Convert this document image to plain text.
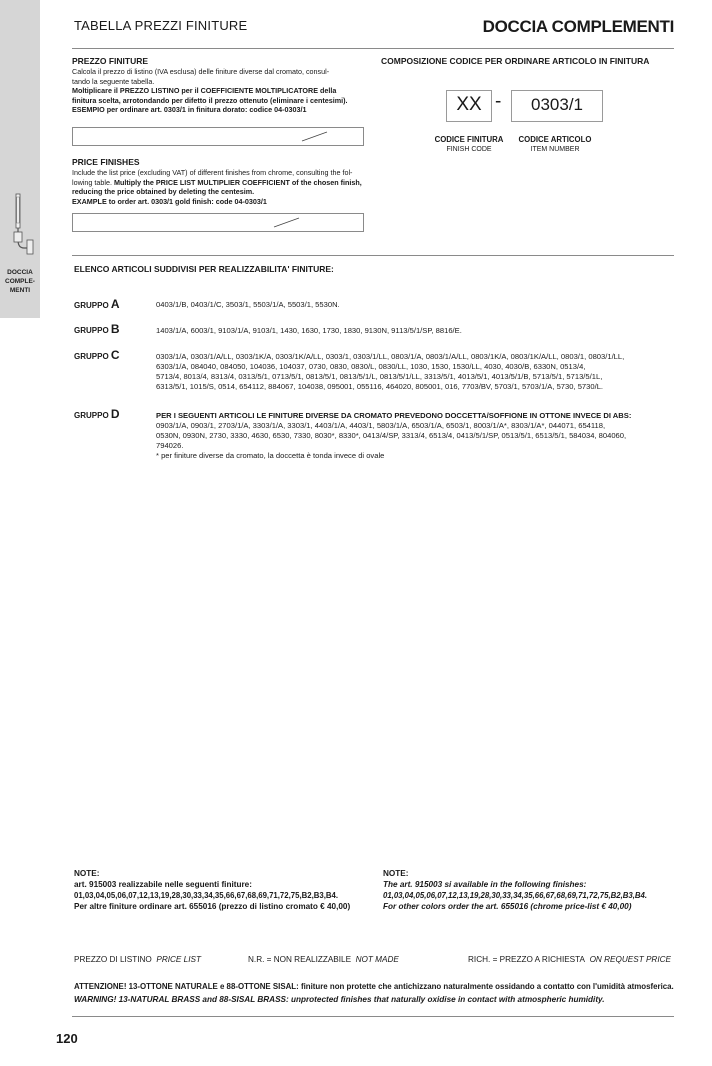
DOCCIA
COMPLE-
MENTI
TABELLA PREZZI FINITURE	DOCCIA COMPLEMENTI
PREZZO FINITURE
Calcola il prezzo di listino (IVA esclusa) delle finiture diverse dal cromato, consul-
tando la seguente tabella.
Moltiplicare il PREZZO LISTINO per il COEFFICIENTE MOLTIPLICATORE della
finitura scelta, arrotondando per difetto il prezzo ottenuto (eliminare i centesimi).
ESEMPIO per ordinare art. 0303/1 in finitura dorato: codice 04-0303/1
PRICE FINISHES
Include the list price (excluding VAT) of different finishes from chrome, consulting the fol-
lowing table. Multiply the PRICE LIST MULTIPLIER COEFFICIENT of the chosen finish,
reducing the price obtained by deleting the centesim.
EXAMPLE to order art. 0303/1 gold finish: code 04-0303/1
COMPOSIZIONE CODICE PER ORDINARE ARTICOLO IN FINITURA
XX -	0303/1
CODICE FINITURA
FINISH CODE
CODICE ARTICOLO
ITEM NUMBER
ELENCO ARTICOLI SUDDIVISI PER REALIZZABILITA' FINITURE:
GRUPPO A	0403/1/B, 0403/1/C, 3503/1, 5503/1/A, 5503/1, 5530N.
GRUPPO B	1403/1/A, 6003/1, 9103/1/A, 9103/1, 1430, 1630, 1730, 1830, 9130N, 9113/5/1/SP, 8816/E.
GRUPPO C	0303/1/A, 0303/1/A/LL, 0303/1K/A, 0303/1K/A/LL, 0303/1, 0303/1/LL, 0803/1/A, 0803/1/A/LL, 0803/1K/A, 0803/1K/A/LL, 0803/1, 0803/1/LL,
6303/1/A, 084040, 084050, 104036, 104037, 0730, 0830, 0830/L, 0830/LL, 1030, 1530, 1530/LL, 4030, 4030/B, 6330N, 0513/4,
5713/4, 8013/4, 8313/4, 0313/5/1, 0713/5/1, 0813/5/1, 0813/5/1/L, 0813/5/1/LL, 3313/5/1, 4013/5/1, 4013/5/1/B, 5713/5/1, 5713/5/1L,
6313/5/1, 1015/S, 0514, 654112, 884067, 104038, 095001, 055116, 464020, 805001, 016, 7703/BV, 5703/1, 5703/1/A, 5730, 5730/L.
GRUPPO D	PER I SEGUENTI ARTICOLI LE FINITURE DIVERSE DA CROMATO PREVEDONO DOCCETTA/SOFFIONE IN OTTONE INVECE DI ABS:
0903/1/A, 0903/1, 2703/1/A, 3303/1/A, 3303/1, 4403/1/A, 4403/1, 5803/1/A, 6503/1/A, 6503/1, 8003/1/A*, 8303/1/A*, 044071, 654118,
0530N, 0930N, 2730, 3330, 4630, 6530, 7330, 8030*, 8330*, 0413/4/SP, 3313/4, 6513/4, 0413/5/1/SP, 0513/5/1, 6513/5/1, 584034, 804060,
794026.
* per finiture diverse da cromato, la doccetta è tonda invece di ovale
NOTE:
art. 915003 realizzabile nelle seguenti finiture:
01,03,04,05,06,07,12,13,19,28,30,33,34,35,66,67,68,69,71,72,75,B2,B3,B4.
Per altre finiture ordinare art. 655016 (prezzo di listino cromato € 40,00)
NOTE:
The art. 915003 si available in the following finishes:
01,03,04,05,06,07,12,13,19,28,30,33,34,35,66,67,68,69,71,72,75,B2,B3,B4.
For other colors order the art. 655016 (chrome price-list € 40,00)
PREZZO DI LISTINO PRICE LIST	N.R. = NON REALIZZABILE NOT MADE	RICH. = PREZZO A RICHIESTA ON REQUEST PRICE
ATTENZIONE! 13-OTTONE NATURALE e 88-OTTONE SISAL: finiture non protette che antichizzano naturalmente ossidando a contatto con l'umidità atmosferica.
WARNING! 13-NATURAL BRASS and 88-SISAL BRASS: unprotected finishes that naturally oxidise in contact with atmospheric humidity.
120
